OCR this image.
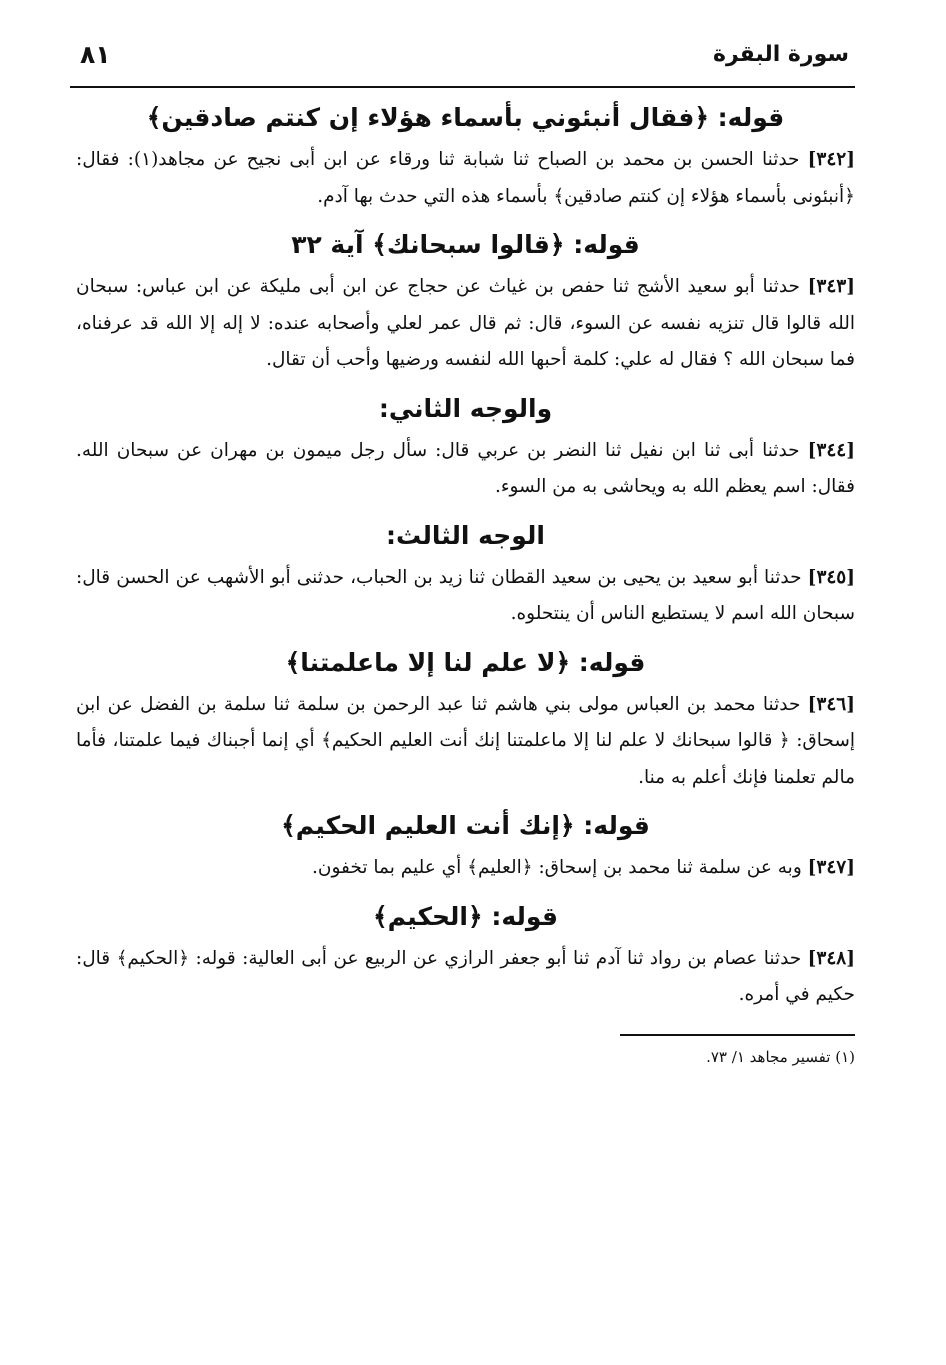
سورة البقرة
٨١
قوله: ﴿فقال أنبئوني بأسماء هؤلاء إن كنتم صادقين﴾

[٣٤٢] حدثنا الحسن بن محمد بن الصباح ثنا شبابة ثنا ورقاء عن ابن أبى نجيح عن مجاهد(١): فقال: ﴿أنبئونى بأسماء هؤلاء إن كنتم صادقين﴾ بأسماء هذه التي حدث بها آدم.

قوله: ﴿قالوا سبحانك﴾ آية ٣٢

[٣٤٣] حدثنا أبو سعيد الأشج ثنا حفص بن غياث عن حجاج عن ابن أبى مليكة عن ابن عباس: سبحان الله قالوا قال تنزيه نفسه عن السوء، قال: ثم قال عمر لعلي وأصحابه عنده: لا إله إلا الله قد عرفناه، فما سبحان الله ؟ فقال له علي: كلمة أحبها الله لنفسه ورضيها وأحب أن تقال.

والوجه الثاني:

[٣٤٤] حدثنا أبى ثنا ابن نفيل ثنا النضر بن عربي قال: سأل رجل ميمون بن مهران عن سبحان الله. فقال: اسم يعظم الله به ويحاشى به من السوء.

الوجه الثالث:

[٣٤٥] حدثنا أبو سعيد بن يحيى بن سعيد القطان ثنا زيد بن الحباب، حدثنى أبو الأشهب عن الحسن قال: سبحان الله اسم لا يستطيع الناس أن ينتحلوه.

قوله: ﴿لا علم لنا إلا ماعلمتنا﴾

[٣٤٦] حدثنا محمد بن العباس مولى بني هاشم ثنا عبد الرحمن بن سلمة ثنا سلمة بن الفضل عن ابن إسحاق: ﴿ قالوا سبحانك لا علم لنا إلا ماعلمتنا إنك أنت العليم الحكيم﴾ أي إنما أجبناك فيما علمتنا، فأما مالم تعلمنا فإنك أعلم به منا.

قوله: ﴿إنك أنت العليم الحكيم﴾

[٣٤٧] وبه عن سلمة ثنا محمد بن إسحاق: ﴿العليم﴾ أي عليم بما تخفون.

قوله: ﴿الحكيم﴾

[٣٤٨] حدثنا عصام بن رواد ثنا آدم ثنا أبو جعفر الرازي عن الربيع عن أبى العالية: قوله: ﴿الحكيم﴾ قال: حكيم في أمره.

(١) تفسير مجاهد ١/ ٧٣.
